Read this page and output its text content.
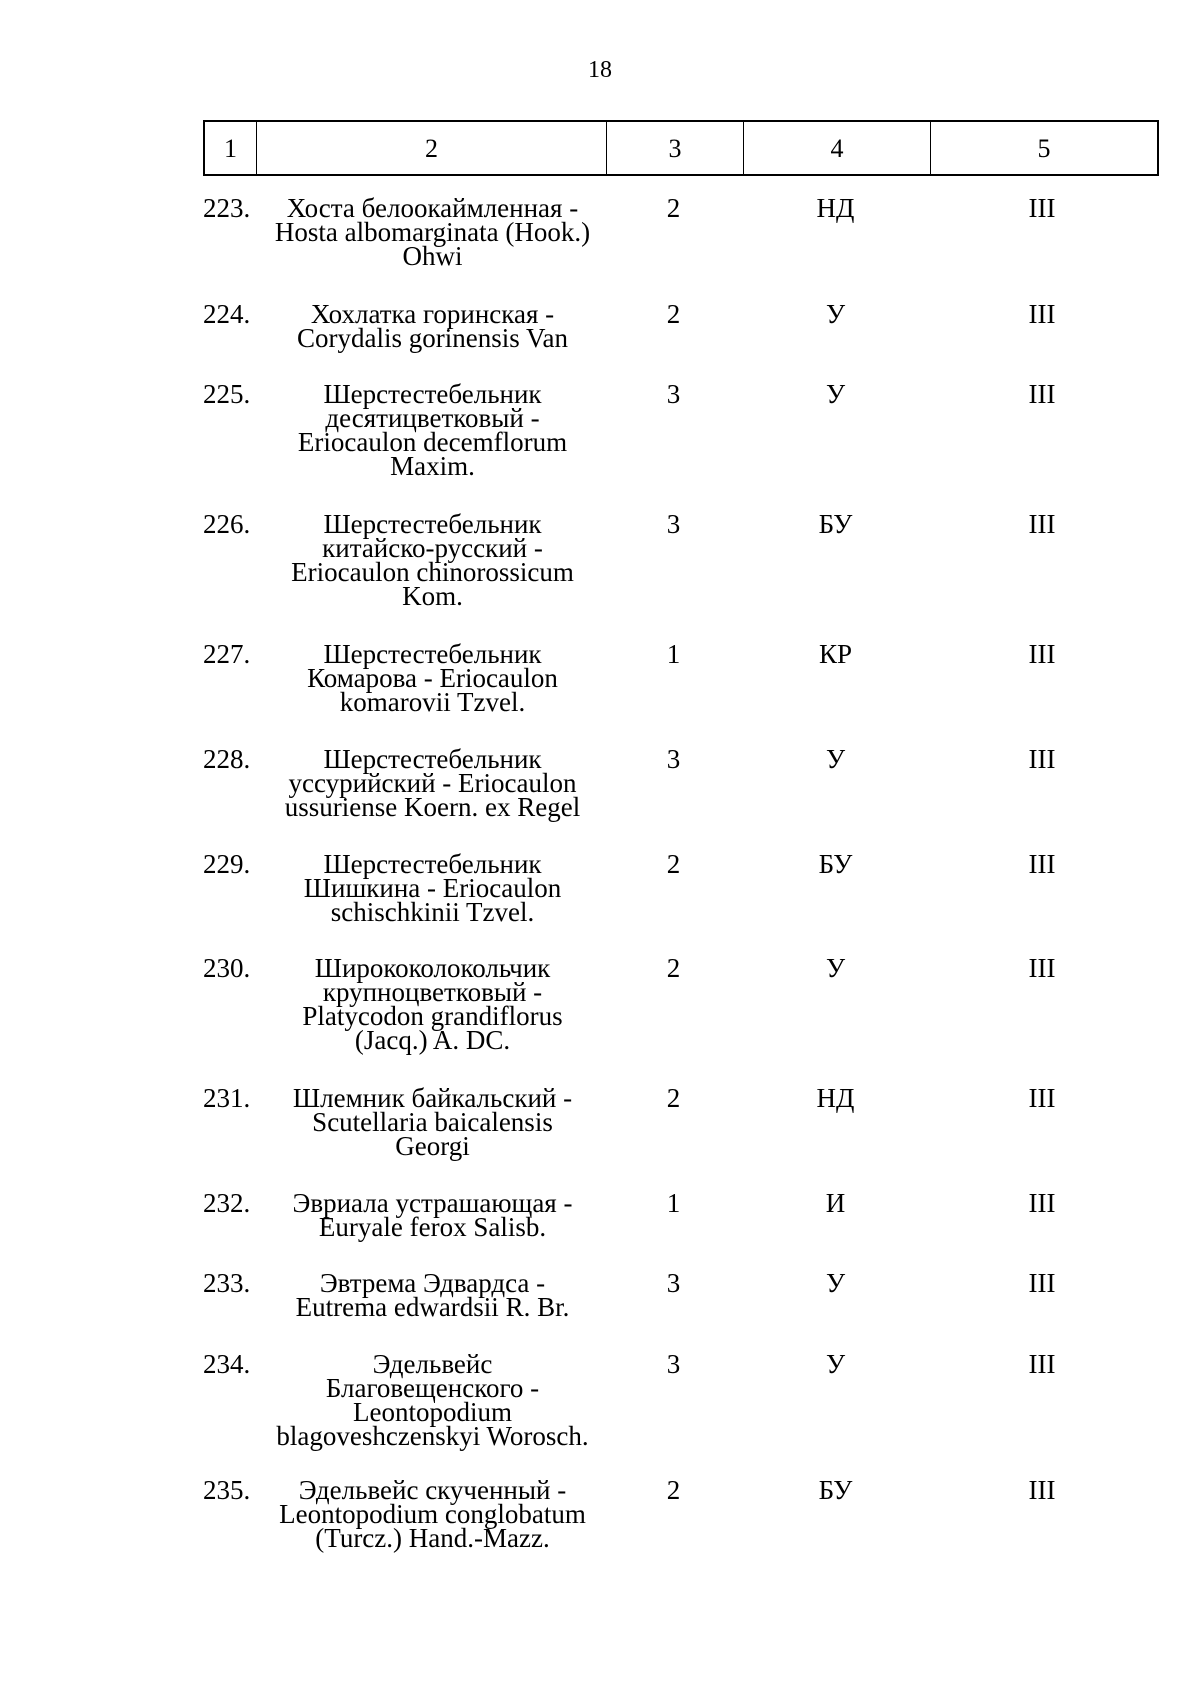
18
1	2	3	4	5
223.	Хоста белоокаймленная -
Hosta albomarginata (Hook.)
Ohwi
2	НД	III
224.	Хохлатка горинская -
Corydalis gorinensis Van
2	У	III
225.	Шерстестебельник
десятицветковый -
Eriocaulon decemflorum
Maxim.
3	У	III
226.	Шерстестебельник
китайско-русский -
Eriocaulon chinorossicum
Kom.
3	БУ	III
227.	Шерстестебельник
Комарова - Eriocaulon
komarovii Tzvel.
1	КР	III
228.	Шерстестебельник
уссурийский - Eriocaulon
ussuriense Koern. ex Regel
3	У	III
229.	Шерстестебельник
Шишкина - Eriocaulon
schischkinii Tzvel.
2	БУ	III
230.	Ширококолокольчик
крупноцветковый -
Platycodon grandiflorus
(Jacq.) A. DC.
2	У	III
231.	Шлемник байкальский -
Scutellaria baicalensis
Georgi
2	НД	III
232.	Эвриала устрашающая -
Euryale ferox Salisb.
1	И	III
233.	Эвтрема Эдвардса -
Eutrema edwardsii R. Br.
3	У	III
234.	Эдельвейс
Благовещенского -
Leontopodium
blagoveshczenskyi Worosch.
3	У	III
235.	Эдельвейс скученный -
Leontopodium conglobatum
(Turcz.) Hand.-Mazz.
2	БУ	III
